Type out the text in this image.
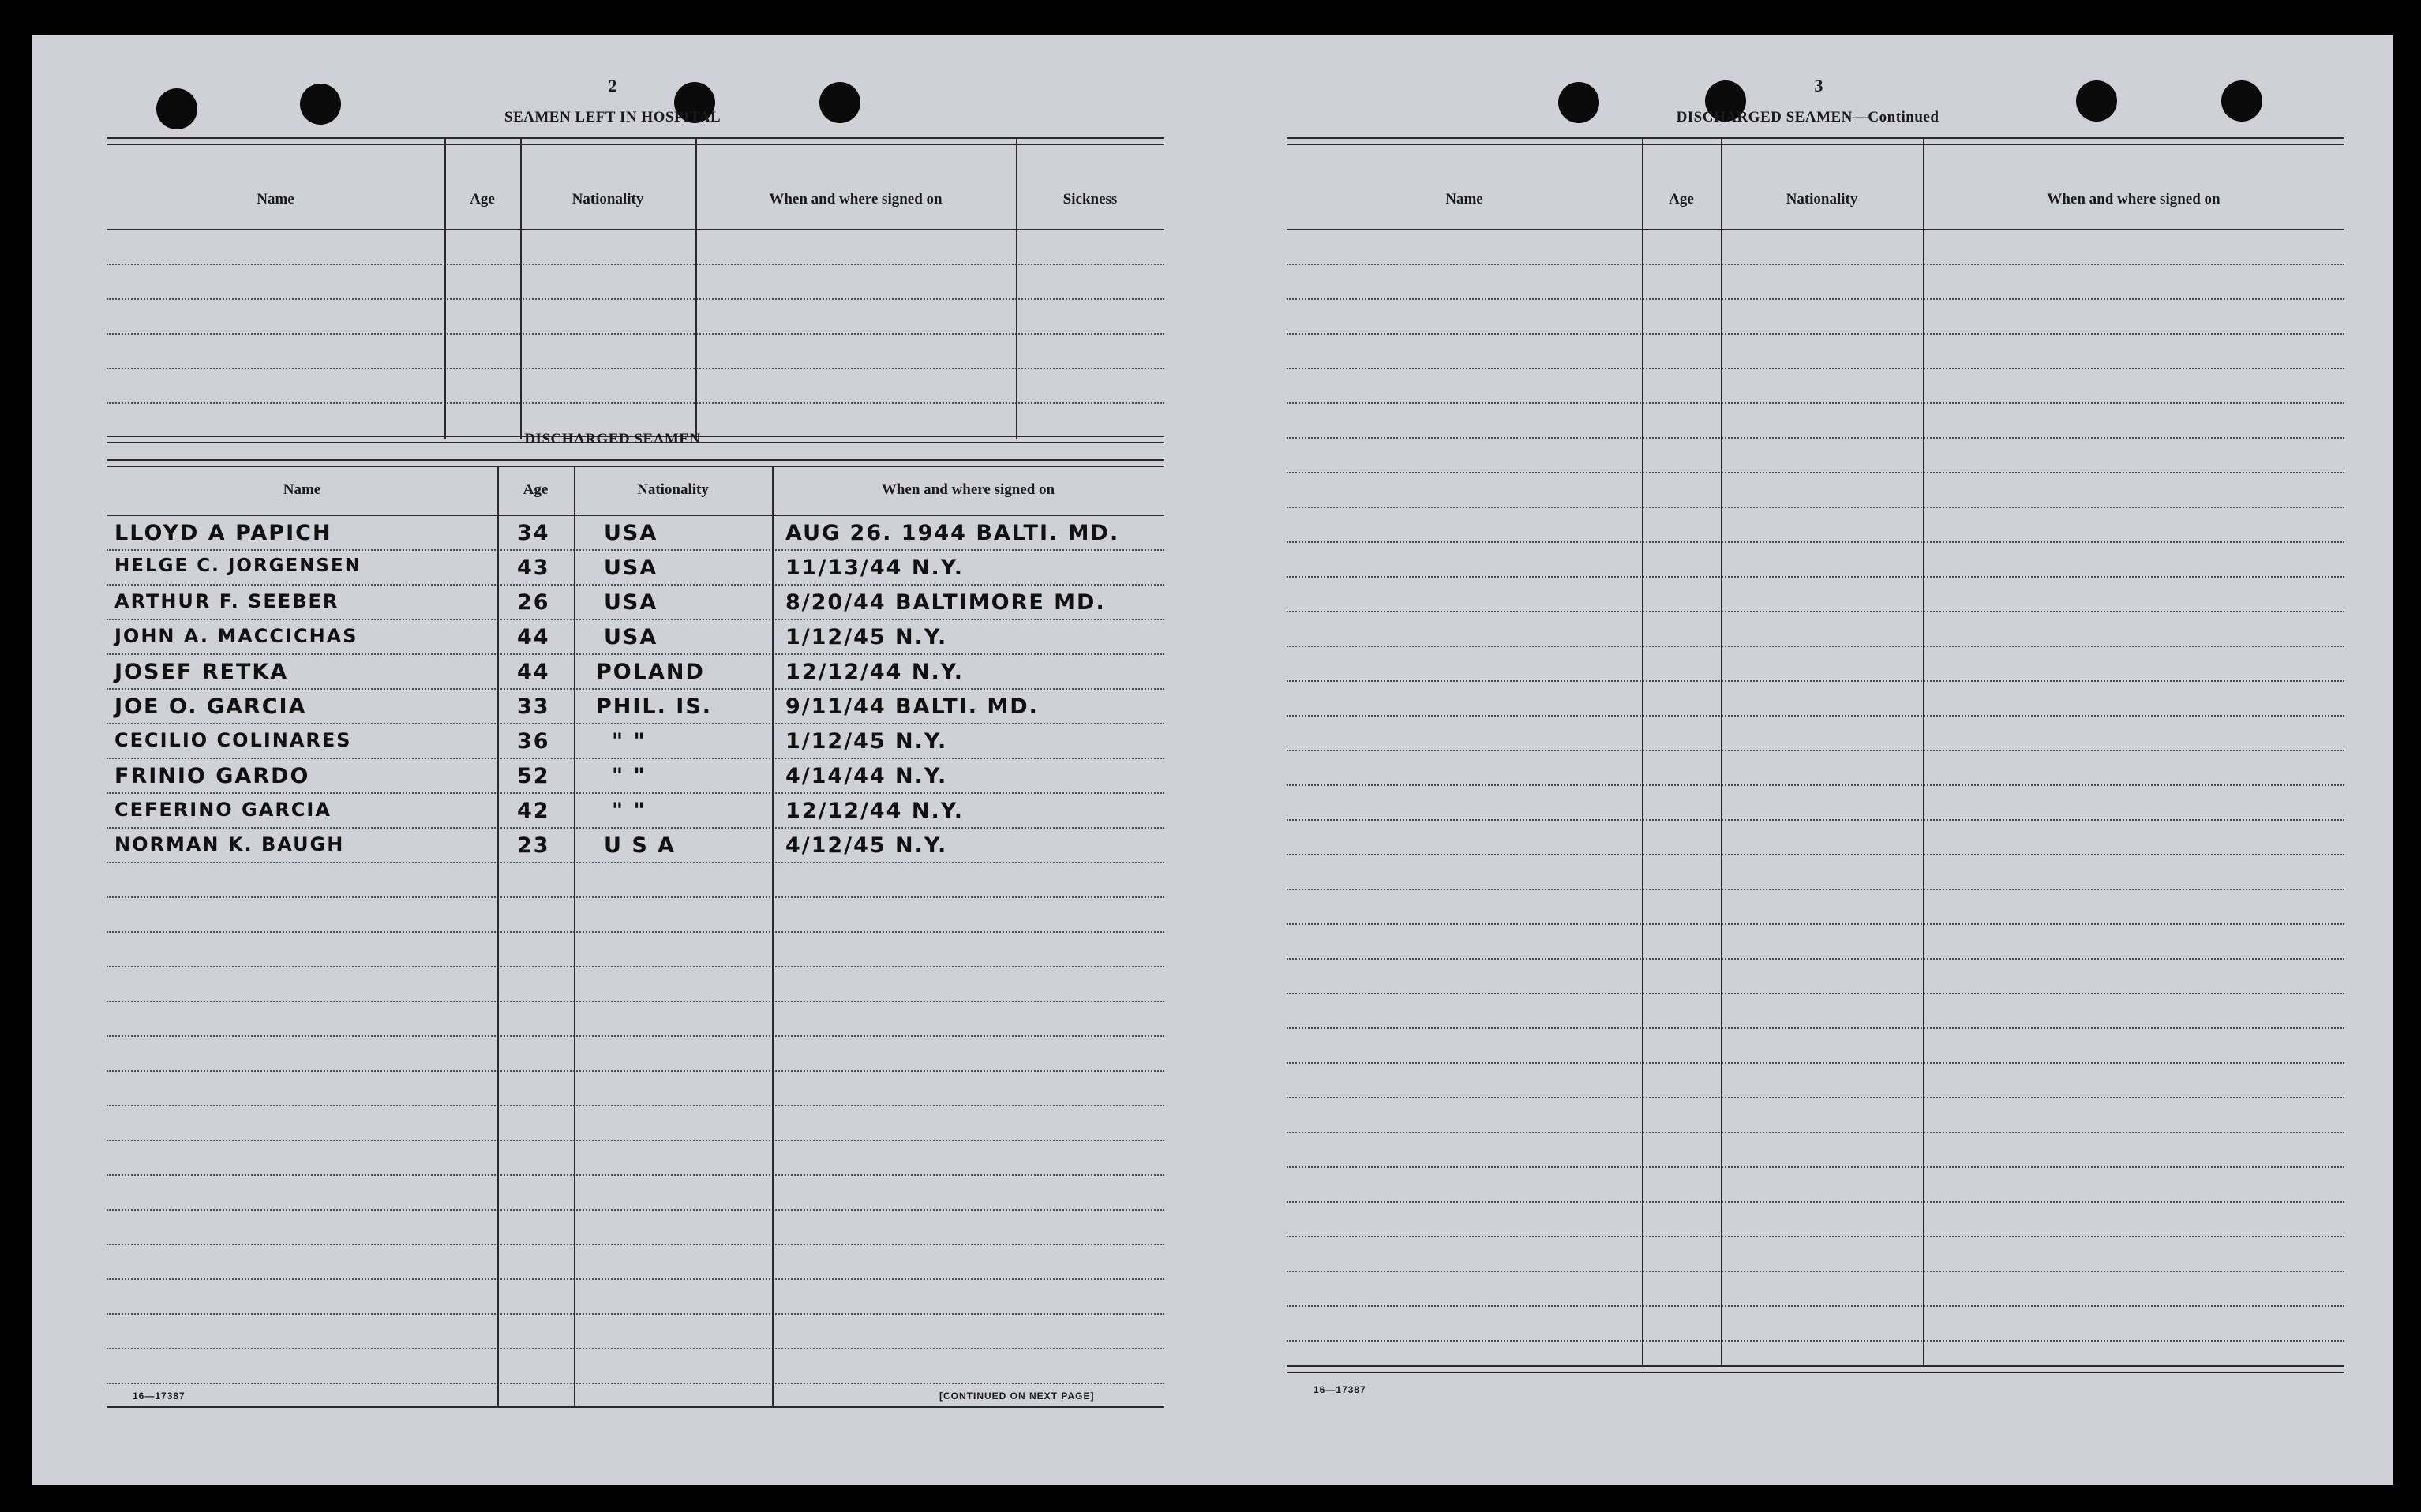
2
SEAMEN LEFT IN HOSPITAL
Name	Age	Nationality	When and where signed on	Sickness
DISCHARGED SEAMEN
Name	Age	Nationality	When and where signed on
LLOYD A PAPICH	34	USA	AUG 26. 1944 BALTI. MD.
HELGE C. JORGENSEN	43	USA	11/13/44 N.Y.
ARTHUR F. SEEBER	26	USA	8/20/44 BALTIMORE MD.
JOHN A. MACCICHAS	44	USA	1/12/45 N.Y.
JOSEF RETKA	44 POLAND	12/12/44 N.Y.
JOE O. GARCIA	33 PHIL. IS.	9/11/44 BALTI. MD.
CECILIO COLINARES	36	" "	1/12/45 N.Y.
FRINIO GARDO	52	" "	4/14/44 N.Y.
CEFERINO GARCIA	42	" "	12/12/44 N.Y.
NORMAN K. BAUGH	23	U S A	4/12/45 N.Y.
16—17387	[CONTINUED ON NEXT PAGE]
3
DISCHARGED SEAMEN—Continued
Name	Age	Nationality	When and where signed on
16—17387
